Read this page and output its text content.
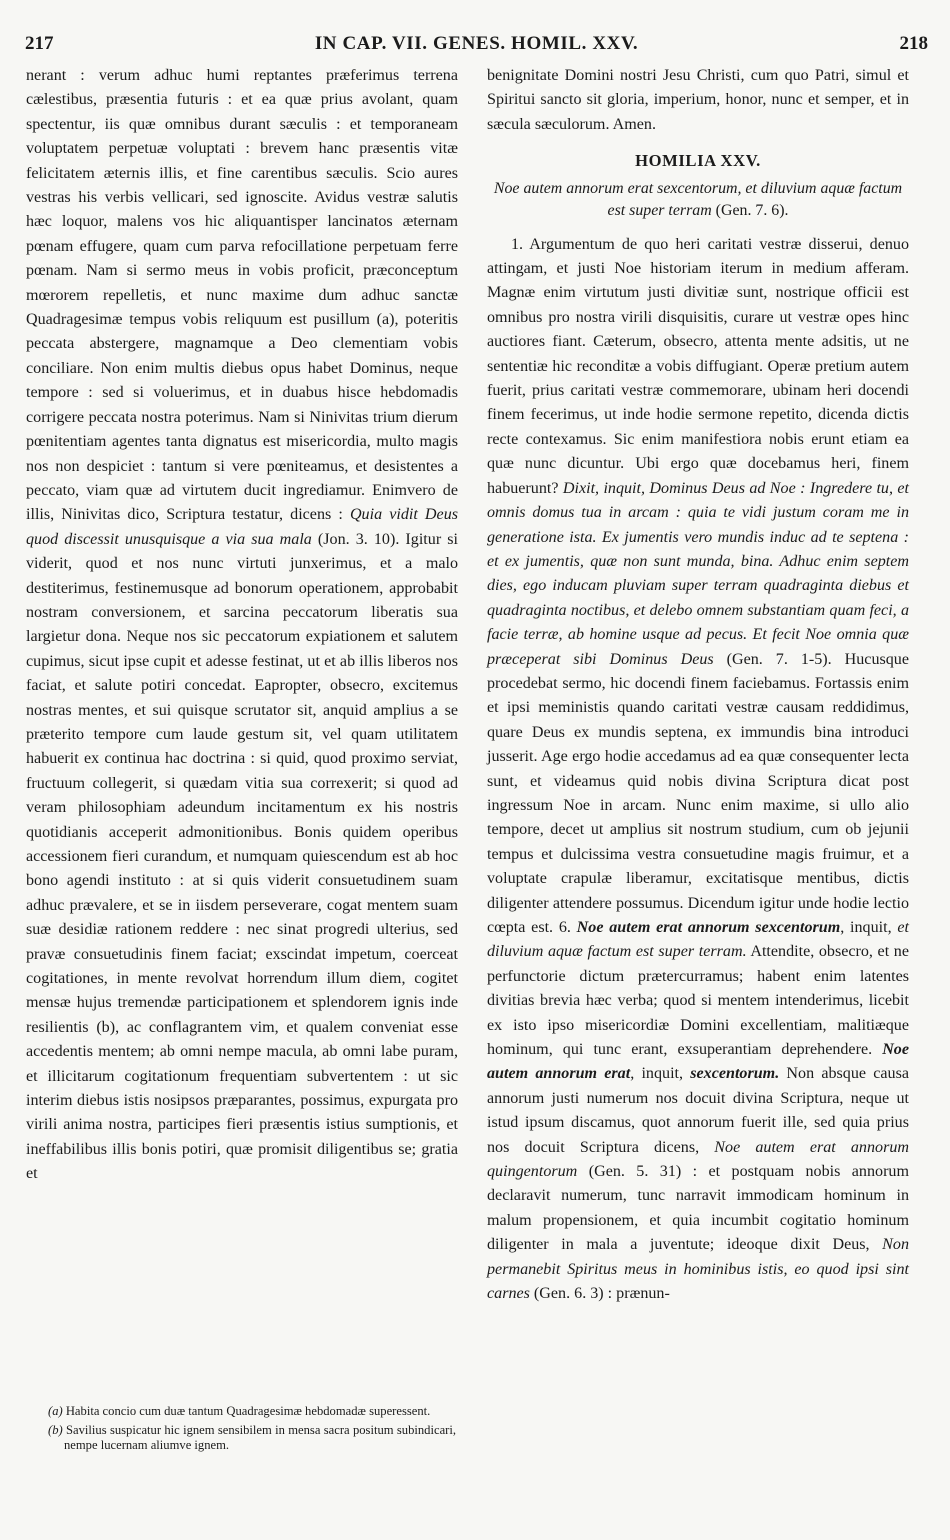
217	IN CAP. VII. GENES. HOMIL. XXV.	218

nerant : verum adhuc humi reptantes præferimus terrena cælestibus, præsentia futuris : et ea quæ prius avolant, quam spectentur, iis quæ omnibus durant sæculis : et temporaneam voluptatem perpetuæ voluptati : brevem hanc præsentis vitæ felicitatem æternis illis, et fine carentibus sæculis. Scio aures vestras his verbis vellicari, sed ignoscite. Avidus vestræ salutis hæc loquor, malens vos hic aliquantisper lancinatos æternam pœnam effugere, quam cum parva refocillatione perpetuam ferre pœnam. Nam si sermo meus in vobis proficit, præconceptum mœrorem repelletis, et nunc maxime dum adhuc sanctæ Quadragesimæ tempus vobis reliquum est pusillum (a), poteritis peccata abstergere, magnamque a Deo clementiam vobis conciliare. Non enim multis diebus opus habet Dominus, neque tempore : sed si voluerimus, et in duabus hisce hebdomadis corrigere peccata nostra poterimus. Nam si Ninivitas trium dierum pœnitentiam agentes tanta dignatus est misericordia, multo magis nos non despiciet : tantum si vere pœniteamus, et desistentes a peccato, viam quæ ad virtutem ducit ingrediamur. Enimvero de illis, Ninivitas dico, Scriptura testatur, dicens : Quia vidit Deus quod discessit unusquisque a via sua mala (Jon. 3. 10). Igitur si viderit, quod et nos nunc virtuti junxerimus, et a malo destiterimus, festinemusque ad bonorum operationem, approbabit nostram conversionem, et sarcina peccatorum liberatis sua largietur dona. Neque nos sic peccatorum expiationem et salutem cupimus, sicut ipse cupit et adesse festinat, ut et ab illis liberos nos faciat, et salute potiri concedat. Eapropter, obsecro, excitemus nostras mentes, et sui quisque scrutator sit, anquid amplius a se præterito tempore cum laude gestum sit, vel quam utilitatem habuerit ex continua hac doctrina : si quid, quod proximo serviat, fructuum collegerit, si quædam vitia sua correxerit; si quod ad veram philosophiam adeundum incitamentum ex his nostris quotidianis acceperit admonitionibus. Bonis quidem operibus accessionem fieri curandum, et numquam quiescendum est ab hoc bono agendi instituto : at si quis viderit consuetudinem suam adhuc prævalere, et se in iisdem perseverare, cogat mentem suam suæ desidiæ rationem reddere : nec sinat progredi ulterius, sed pravæ consuetudinis finem faciat; exscindat impetum, coerceat cogitationes, in mente revolvat horrendum illum diem, cogitet mensæ hujus tremendæ participationem et splendorem ignis inde resilientis (b), ac conflagrantem vim, et qualem conveniat esse accedentis mentem; ab omni nempe macula, ab omni labe puram, et illicitarum cogitationum frequentiam subvertentem : ut sic interim diebus istis nosipsos præparantes, possimus, expurgata pro virili anima nostra, participes fieri præsentis istius sumptionis, et ineffabilibus illis bonis potiri, quæ promisit diligentibus se; gratia et

benignitate Domini nostri Jesu Christi, cum quo Patri, simul et Spiritui sancto sit gloria, imperium, honor, nunc et semper, et in sæcula sæculorum. Amen.

HOMILIA XXV.
Noe autem annorum erat sexcentorum, et diluvium aquæ factum est super terram (Gen. 7. 6).

1. Argumentum de quo heri caritati vestræ disserui, denuo attingam, et justi Noe historiam iterum in medium afferam. Magnæ enim virtutum justi divitiæ sunt, nostrique officii est omnibus pro nostra virili disquisitis, curare ut vestræ opes hinc auctiores fiant. Cæterum, obsecro, attenta mente adsitis, ut ne sententiæ hic reconditæ a vobis diffugiant. Operæ pretium autem fuerit, prius caritati vestræ commemorare, ubinam heri docendi finem fecerimus, ut inde hodie sermone repetito, dicenda dictis recte contexamus. Sic enim manifestiora nobis erunt etiam ea quæ nunc dicuntur. Ubi ergo quæ docebamus heri, finem habuerunt? Dixit, inquit, Dominus Deus ad Noe : Ingredere tu, et omnis domus tua in arcam : quia te vidi justum coram me in generatione ista. Ex jumentis vero mundis induc ad te septena : et ex jumentis, quæ non sunt munda, bina. Adhuc enim septem dies, ego inducam pluviam super terram quadraginta diebus et quadraginta noctibus, et delebo omnem substantiam quam feci, a facie terræ, ab homine usque ad pecus. Et fecit Noe omnia quæ præceperat sibi Dominus Deus (Gen. 7. 1-5). Hucusque procedebat sermo, hic docendi finem faciebamus. Fortassis enim et ipsi meministis quando caritati vestræ causam reddidimus, quare Deus ex mundis septena, ex immundis bina introduci jusserit. Age ergo hodie accedamus ad ea quæ consequenter lecta sunt, et videamus quid nobis divina Scriptura dicat post ingressum Noe in arcam. Nunc enim maxime, si ullo alio tempore, decet ut amplius sit nostrum studium, cum ob jejunii tempus et dulcissima vestra consuetudine magis fruimur, et a voluptate crapulæ liberamur, excitatisque mentibus, dictis diligenter attendere possumus. Dicendum igitur unde hodie lectio cœpta est. 6. Noe autem erat annorum sexcentorum, inquit, et diluvium aquæ factum est super terram. Attendite, obsecro, et ne perfunctorie dictum prætercurramus; habent enim latentes divitias brevia hæc verba; quod si mentem intenderimus, licebit ex isto ipso misericordiæ Domini excellentiam, malitiæque hominum, qui tunc erant, exsuperantiam deprehendere. Noe autem annorum erat, inquit, sexcentorum. Non absque causa annorum justi numerum nos docuit divina Scriptura, neque ut istud ipsum discamus, quot annorum fuerit ille, sed quia prius nos docuit Scriptura dicens, Noe autem erat annorum quingentorum (Gen. 5. 31) : et postquam nobis annorum declaravit numerum, tunc narravit immodicam hominum in malum propensionem, et quia incumbit cogitatio hominum diligenter in mala a juventute; ideoque dixit Deus, Non permanebit Spiritus meus in hominibus istis, eo quod ipsi sint carnes (Gen. 6. 3) : prænun-

(a) Habita concio cum duæ tantum Quadragesimæ hebdomadæ superessent.

(b) Savilius suspicatur hic ignem sensibilem in mensa sacra positum subindicari, nempe lucernam aliumve ignem.
